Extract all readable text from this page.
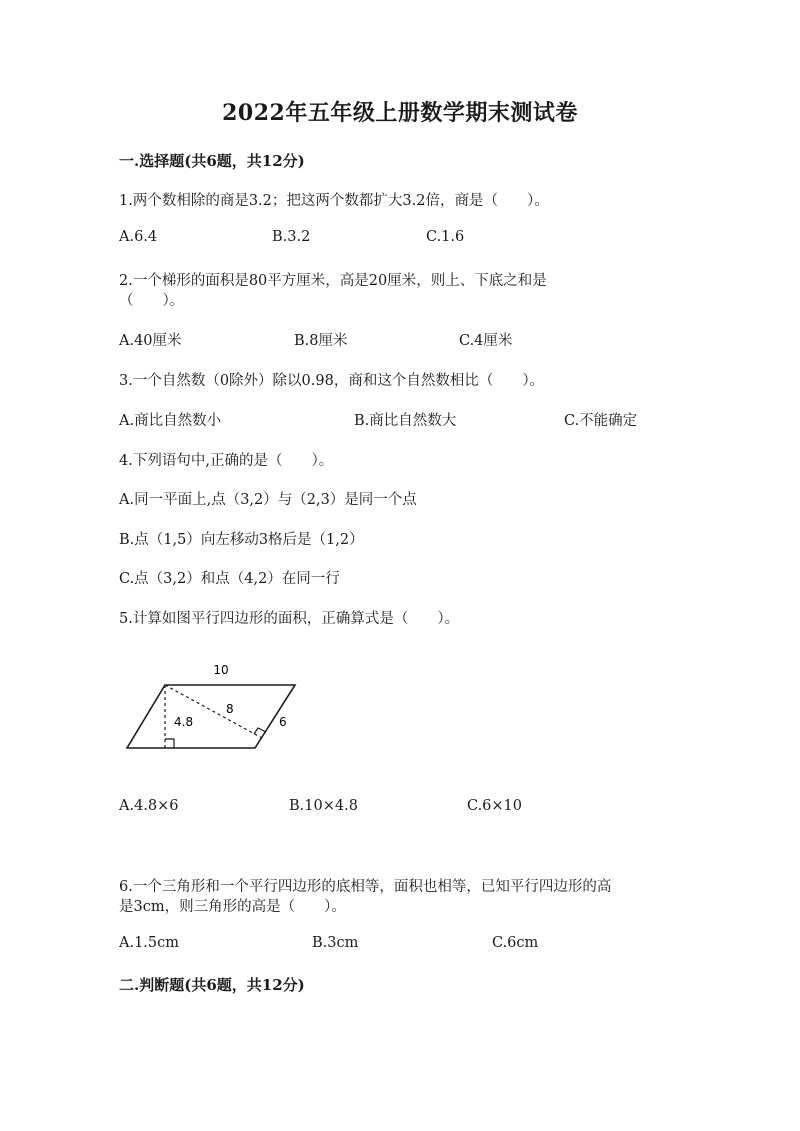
2022年五年级上册数学期末测试卷
一.选择题(共6题，共12分)
1.两个数相除的商是3.2；把这两个数都扩大3.2倍，商是（　　）。
A.6.4	B.3.2	C.1.6
2.一个梯形的面积是80平方厘米，高是20厘米，则上、下底之和是
（　　）。
A.40厘米	B.8厘米	C.4厘米
3.一个自然数（0除外）除以0.98，商和这个自然数相比（　　）。
A.商比自然数小	B.商比自然数大	C.不能确定
4.下列语句中,正确的是（　　）。
A.同一平面上,点（3,2）与（2,3）是同一个点
B.点（1,5）向左移动3格后是（1,2）
C.点（3,2）和点（4,2）在同一行
5.计算如图平行四边形的面积，正确算式是（　　）。
10
4.8
8
6
A.4.8×6	B.10×4.8	C.6×10
6.一个三角形和一个平行四边形的底相等，面积也相等，已知平行四边形的高
是3cm，则三角形的高是（　　）。
A.1.5cm	B.3cm	C.6cm
二.判断题(共6题，共12分)
